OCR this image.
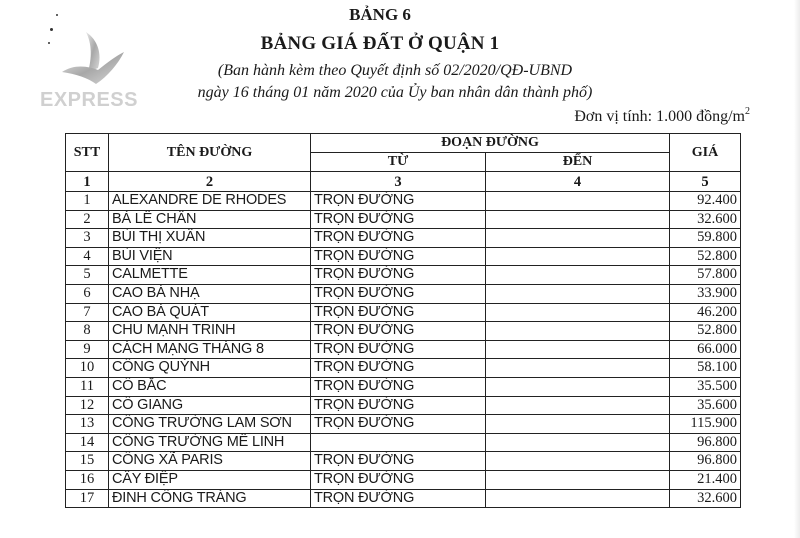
EXPRESS
BẢNG 6
BẢNG GIÁ ĐẤT Ở QUẬN 1
(Ban hành kèm theo Quyết định số 02/2020/QĐ-UBND
ngày 16 tháng 01 năm 2020 của Ủy ban nhân dân thành phố)
Đơn vị tính: 1.000 đồng/$m^2$
STT	TÊN ĐƯỜNG	ĐOẠN ĐƯỜNG		GIÁ
		TỪ	ĐẾN	
1	2	3	4	5
1	ALEXANDRE DE RHODES	TRỌN ĐƯỜNG		92.400
2	BÀ LÊ CHÂN	TRỌN ĐƯỜNG		32.600
3	BÙI THỊ XUÂN	TRỌN ĐƯỜNG		59.800
4	BÙI VIỆN	TRỌN ĐƯỜNG		52.800
5	CALMETTE	TRỌN ĐƯỜNG		57.800
6	CAO BÁ NHẠ	TRỌN ĐƯỜNG		33.900
7	CAO BÁ QUÁT	TRỌN ĐƯỜNG		46.200
8	CHU MẠNH TRINH	TRỌN ĐƯỜNG		52.800
9	CÁCH MẠNG THÁNG 8	TRỌN ĐƯỜNG		66.000
10	CÔNG QUỲNH	TRỌN ĐƯỜNG		58.100
11	CÔ BẮC	TRỌN ĐƯỜNG		35.500
12	CÔ GIANG	TRỌN ĐƯỜNG		35.600
13	CÔNG TRƯỜNG LAM SƠN	TRỌN ĐƯỜNG		115.900
14	CÔNG TRƯỜNG MÊ LINH			96.800
15	CÔNG XÃ PARIS	TRỌN ĐƯỜNG		96.800
16	CÂY ĐIỆP	TRỌN ĐƯỜNG		21.400
17	ĐINH CÔNG TRÁNG	TRỌN ĐƯỜNG		32.600
